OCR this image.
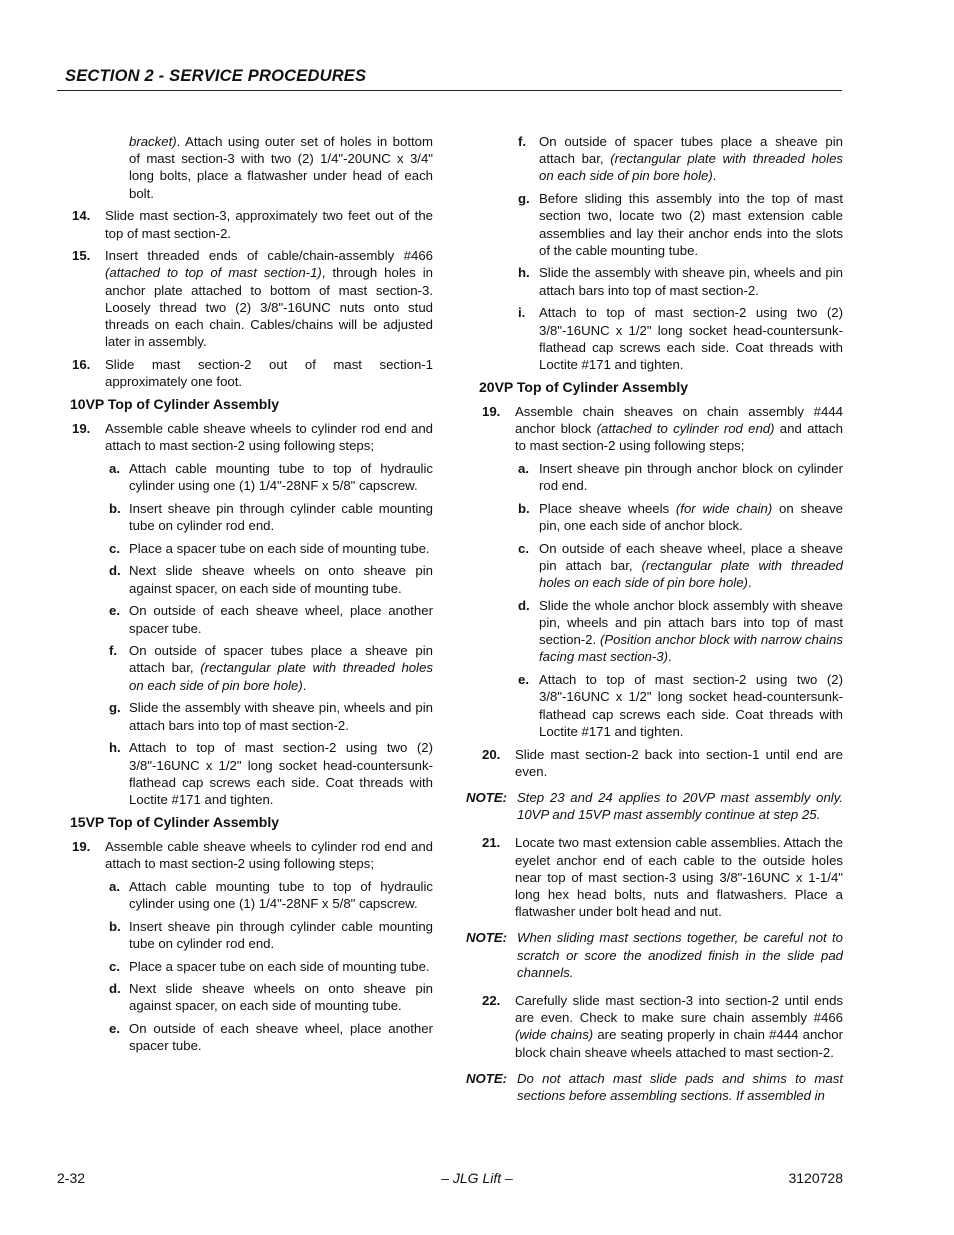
SECTION 2 - SERVICE PROCEDURES
bracket). Attach using outer set of holes in bottom of mast section-3 with two (2) 1/4"-20UNC x 3/4" long bolts, place a flatwasher under head of each bolt.
14. Slide mast section-3, approximately two feet out of the top of mast section-2.
15. Insert threaded ends of cable/chain-assembly #466 (attached to top of mast section-1), through holes in anchor plate attached to bottom of mast section-3. Loosely thread two (2) 3/8"-16UNC nuts onto stud threads on each chain. Cables/chains will be adjusted later in assembly.
16. Slide mast section-2 out of mast section-1 approximately one foot.
10VP Top of Cylinder Assembly
19. Assemble cable sheave wheels to cylinder rod end and attach to mast section-2 using following steps;
a. Attach cable mounting tube to top of hydraulic cylinder using one (1) 1/4"-28NF x 5/8" capscrew.
b. Insert sheave pin through cylinder cable mounting tube on cylinder rod end.
c. Place a spacer tube on each side of mounting tube.
d. Next slide sheave wheels on onto sheave pin against spacer, on each side of mounting tube.
e. On outside of each sheave wheel, place another spacer tube.
f. On outside of spacer tubes place a sheave pin attach bar, (rectangular plate with threaded holes on each side of pin bore hole).
g. Slide the assembly with sheave pin, wheels and pin attach bars into top of mast section-2.
h. Attach to top of mast section-2 using two (2) 3/8"-16UNC x 1/2" long socket head-countersunk-flathead cap screws each side. Coat threads with Loctite #171 and tighten.
15VP Top of Cylinder Assembly
19. Assemble cable sheave wheels to cylinder rod end and attach to mast section-2 using following steps;
a. Attach cable mounting tube to top of hydraulic cylinder using one (1) 1/4"-28NF x 5/8" capscrew.
b. Insert sheave pin through cylinder cable mounting tube on cylinder rod end.
c. Place a spacer tube on each side of mounting tube.
d. Next slide sheave wheels on onto sheave pin against spacer, on each side of mounting tube.
e. On outside of each sheave wheel, place another spacer tube.
f. On outside of spacer tubes place a sheave pin attach bar, (rectangular plate with threaded holes on each side of pin bore hole).
g. Before sliding this assembly into the top of mast section two, locate two (2) mast extension cable assemblies and lay their anchor ends into the slots of the cable mounting tube.
h. Slide the assembly with sheave pin, wheels and pin attach bars into top of mast section-2.
i. Attach to top of mast section-2 using two (2) 3/8"-16UNC x 1/2" long socket head-countersunk-flathead cap screws each side. Coat threads with Loctite #171 and tighten.
20VP Top of Cylinder Assembly
19. Assemble chain sheaves on chain assembly #444 anchor block (attached to cylinder rod end) and attach to mast section-2 using following steps;
a. Insert sheave pin through anchor block on cylinder rod end.
b. Place sheave wheels (for wide chain) on sheave pin, one each side of anchor block.
c. On outside of each sheave wheel, place a sheave pin attach bar, (rectangular plate with threaded holes on each side of pin bore hole).
d. Slide the whole anchor block assembly with sheave pin, wheels and pin attach bars into top of mast section-2. (Position anchor block with narrow chains facing mast section-3).
e. Attach to top of mast section-2 using two (2) 3/8"-16UNC x 1/2" long socket head-countersunk-flathead cap screws each side. Coat threads with Loctite #171 and tighten.
20. Slide mast section-2 back into section-1 until end are even.
NOTE: Step 23 and 24 applies to 20VP mast assembly only. 10VP and 15VP mast assembly continue at step 25.
21. Locate two mast extension cable assemblies. Attach the eyelet anchor end of each cable to the outside holes near top of mast section-3 using 3/8"-16UNC x 1-1/4" long hex head bolts, nuts and flatwashers. Place a flatwasher under bolt head and nut.
NOTE: When sliding mast sections together, be careful not to scratch or score the anodized finish in the slide pad channels.
22. Carefully slide mast section-3 into section-2 until ends are even. Check to make sure chain assembly #466 (wide chains) are seating properly in chain #444 anchor block chain sheave wheels attached to mast section-2.
NOTE: Do not attach mast slide pads and shims to mast sections before assembling sections. If assembled in
2-32	– JLG Lift –	3120728
